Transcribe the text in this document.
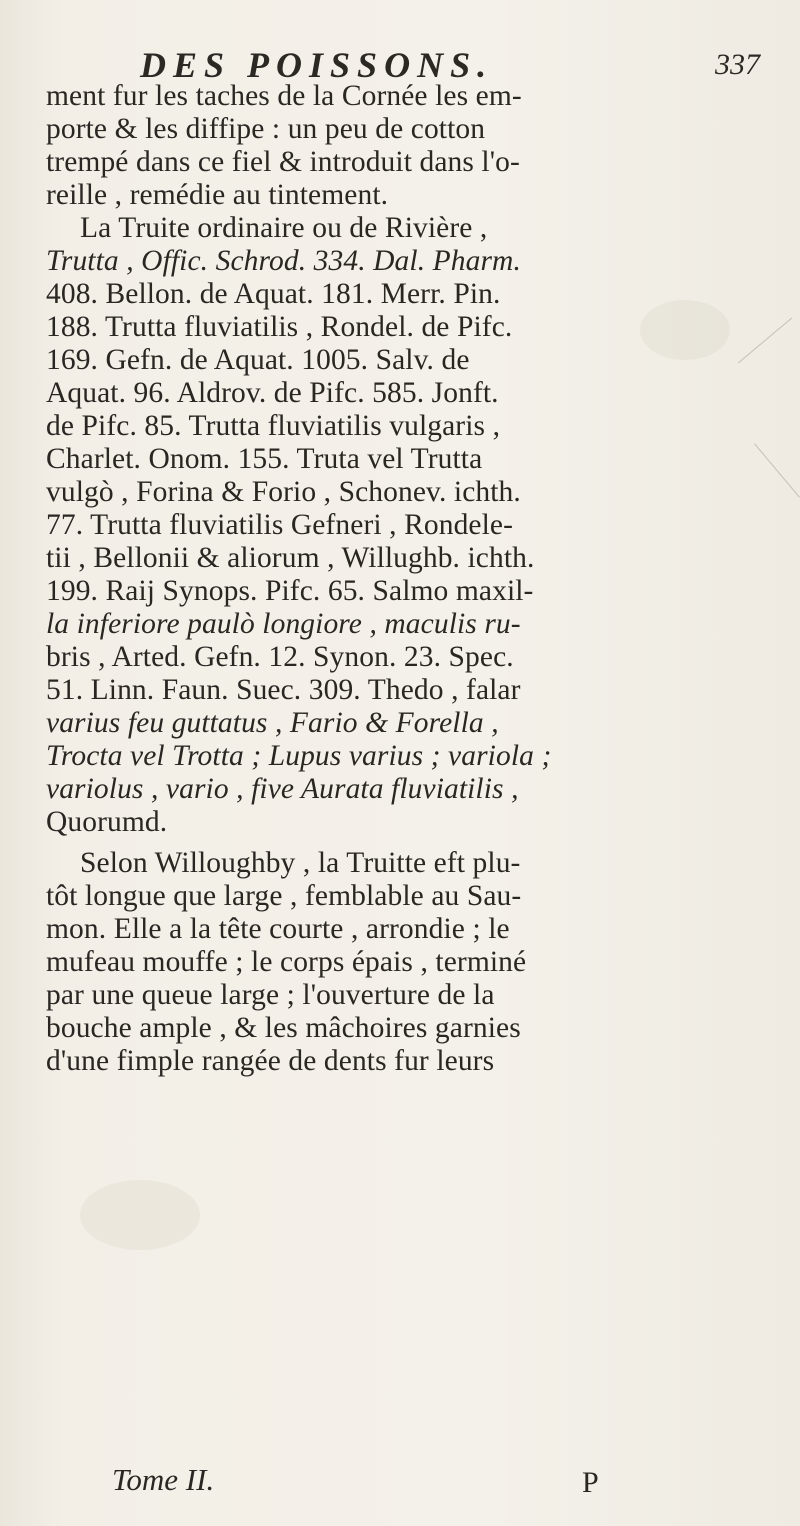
DES POISSONS.	337
ment fur les taches de la Cornée les em-
porte & les diffipe : un peu de cotton
trempé dans ce fiel & introduit dans l'o-
reille , remédie au tintement.
La Truite ordinaire ou de Rivière ,
Trutta , Offic. Schrod. 334. Dal. Pharm.
408. Bellon. de Aquat. 181. Merr. Pin.
188. Trutta fluviatilis , Rondel. de Pifc.
169. Gefn. de Aquat. 1005. Salv. de
Aquat. 96. Aldrov. de Pifc. 585. Jonft.
de Pifc. 85. Trutta fluviatilis vulgaris ,
Charlet. Onom. 155. Truta vel Trutta
vulgò , Forina & Forio , Schonev. ichth.
77. Trutta fluviatilis Gefneri , Rondele-
tii , Bellonii & aliorum , Willughb. ichth.
199. Raij Synops. Pifc. 65. Salmo maxil-
la inferiore paulò longiore , maculis ru-
bris , Arted. Gefn. 12. Synon. 23. Spec.
51. Linn. Faun. Suec. 309. Thedo , falar
varius feu guttatus , Fario & Forella ,
Trocta vel Trotta ; Lupus varius ; variola ;
variolus , vario , five Aurata fluviatilis ,
Quorumd.
Selon Willoughby , la Truitte eft plu-
tôt longue que large , femblable au Sau-
mon. Elle a la tête courte , arrondie ; le
mufeau mouffe ; le corps épais , terminé
par une queue large ; l'ouverture de la
bouche ample , & les mâchoires garnies
d'une fimple rangée de dents fur leurs
Tome II.	P
